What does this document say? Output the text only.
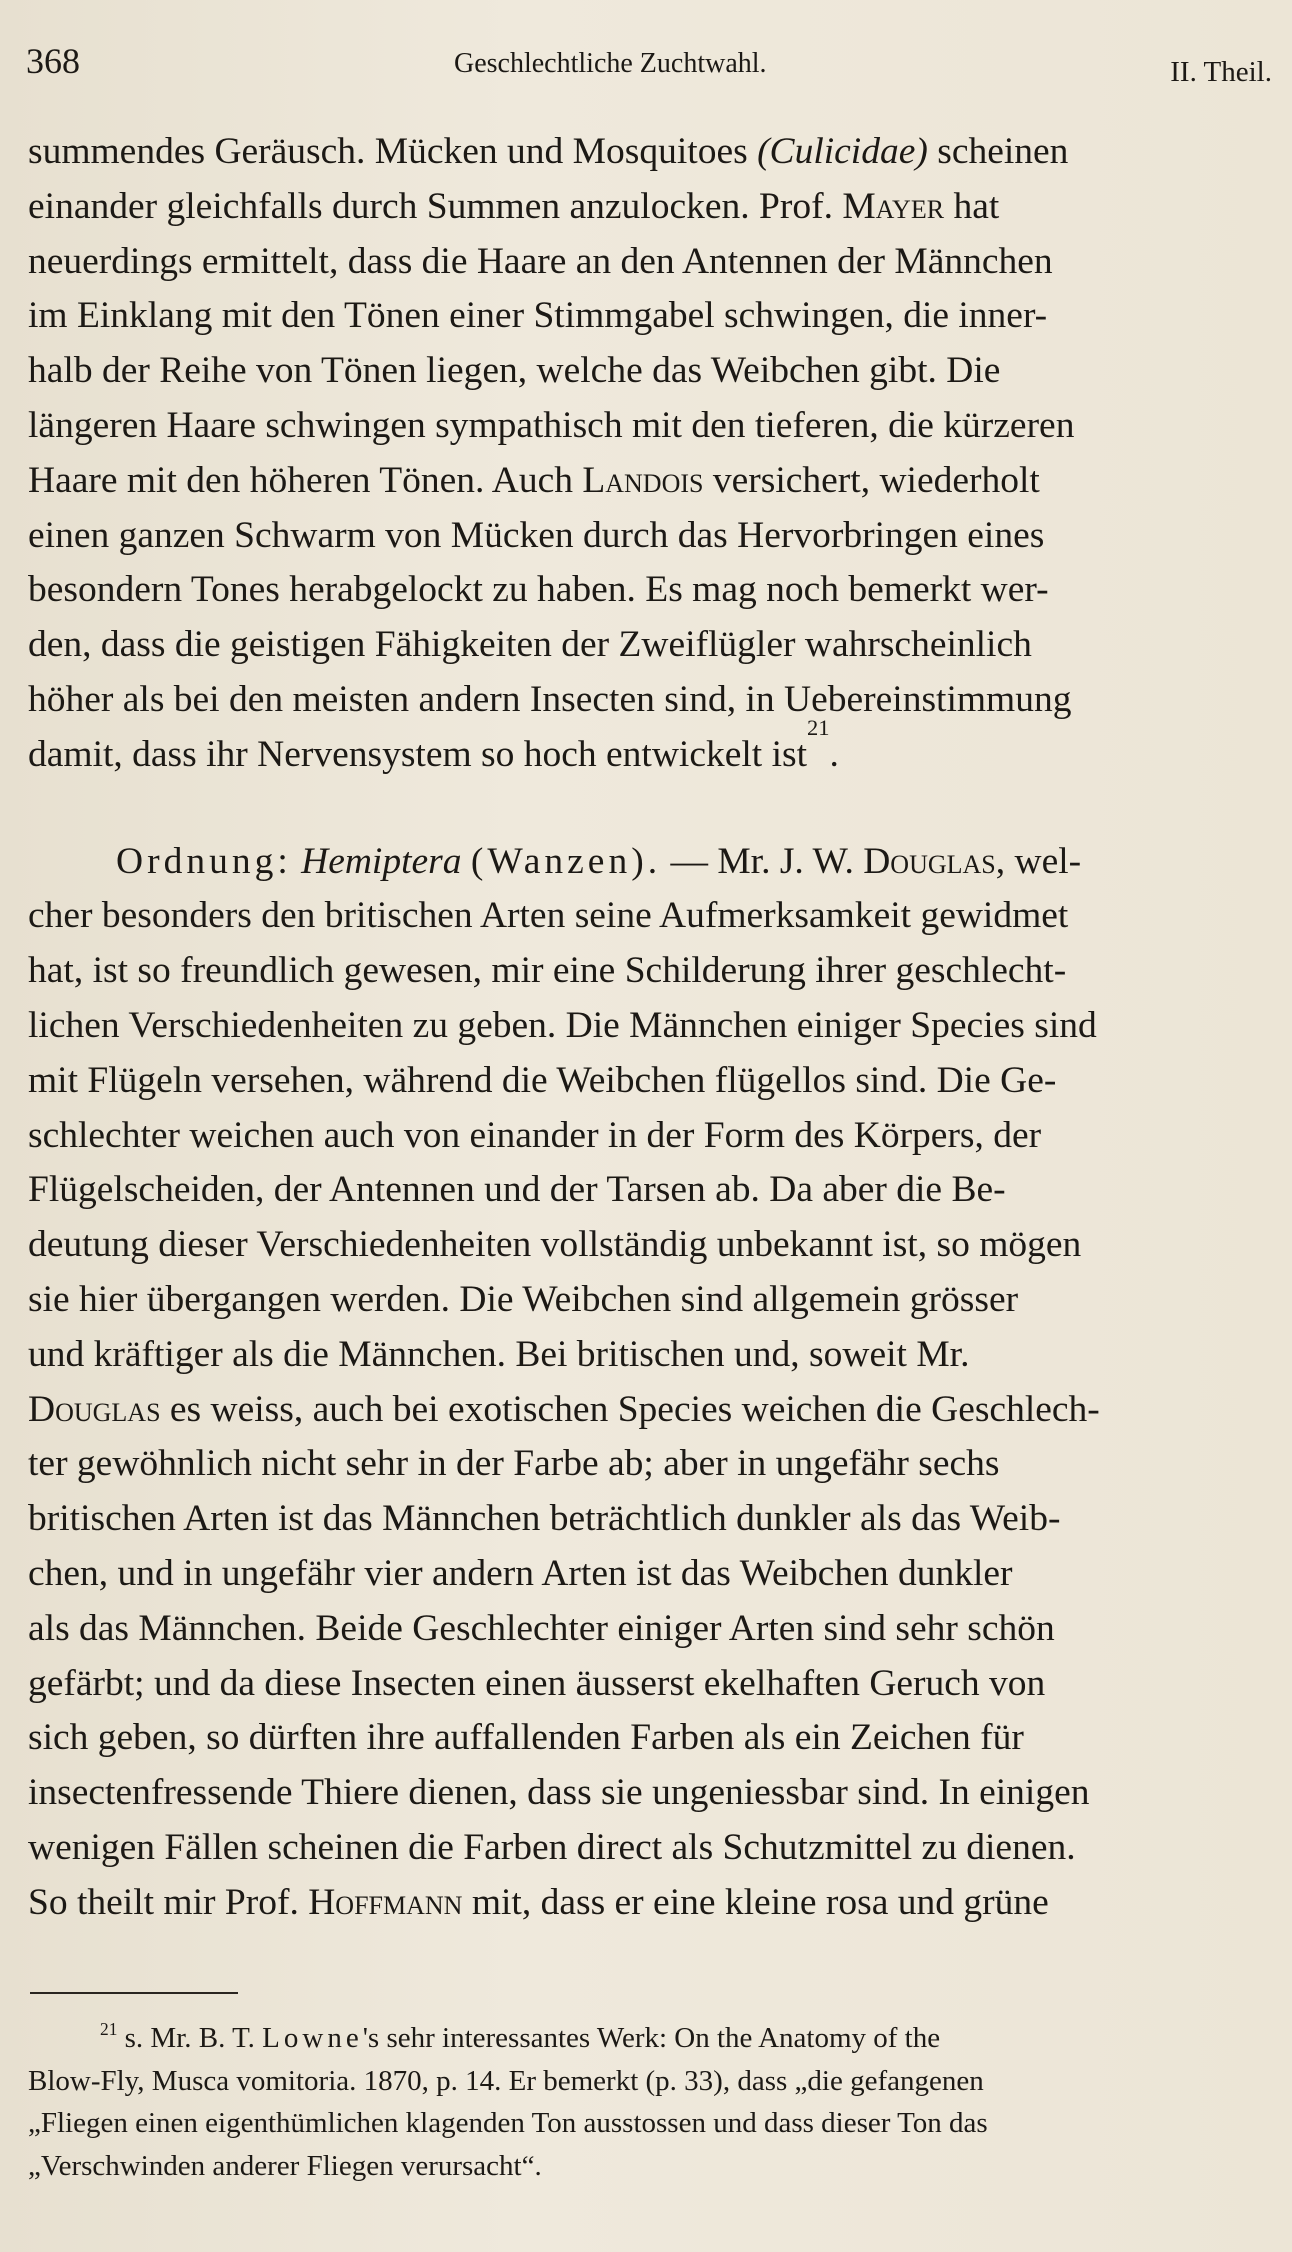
368	Geschlechtliche Zuchtwahl.	II. Theil.
summendes Geräusch. Mücken und Mosquitoes (Culicidae) scheinen
einander gleichfalls durch Summen anzulocken. Prof. Mayer hat
neuerdings ermittelt, dass die Haare an den Antennen der Männchen
im Einklang mit den Tönen einer Stimmgabel schwingen, die inner-
halb der Reihe von Tönen liegen, welche das Weibchen gibt. Die
längeren Haare schwingen sympathisch mit den tieferen, die kürzeren
Haare mit den höheren Tönen. Auch Landois versichert, wiederholt
einen ganzen Schwarm von Mücken durch das Hervorbringen eines
besondern Tones herabgelockt zu haben. Es mag noch bemerkt wer-
den, dass die geistigen Fähigkeiten der Zweiflügler wahrscheinlich
höher als bei den meisten andern Insecten sind, in Uebereinstimmung
damit, dass ihr Nervensystem so hoch entwickelt ist
21
.
Ordnung: Hemiptera (Wanzen). — Mr. J. W. Douglas, wel-
cher besonders den britischen Arten seine Aufmerksamkeit gewidmet
hat, ist so freundlich gewesen, mir eine Schilderung ihrer geschlecht-
lichen Verschiedenheiten zu geben. Die Männchen einiger Species sind
mit Flügeln versehen, während die Weibchen flügellos sind. Die Ge-
schlechter weichen auch von einander in der Form des Körpers, der
Flügelscheiden, der Antennen und der Tarsen ab. Da aber die Be-
deutung dieser Verschiedenheiten vollständig unbekannt ist, so mögen
sie hier übergangen werden. Die Weibchen sind allgemein grösser
und kräftiger als die Männchen. Bei britischen und, soweit Mr.
Douglas es weiss, auch bei exotischen Species weichen die Geschlech-
ter gewöhnlich nicht sehr in der Farbe ab; aber in ungefähr sechs
britischen Arten ist das Männchen beträchtlich dunkler als das Weib-
chen, und in ungefähr vier andern Arten ist das Weibchen dunkler
als das Männchen. Beide Geschlechter einiger Arten sind sehr schön
gefärbt; und da diese Insecten einen äusserst ekelhaften Geruch von
sich geben, so dürften ihre auffallenden Farben als ein Zeichen für
insectenfressende Thiere dienen, dass sie ungeniessbar sind. In einigen
wenigen Fällen scheinen die Farben direct als Schutzmittel zu dienen.
So theilt mir Prof. Hoffmann mit, dass er eine kleine rosa und grüne
$^{21}$ s. Mr. B. T. Lowne's sehr interessantes Werk: On the Anatomy of the
Blow-Fly, Musca vomitoria. 1870, p. 14. Er bemerkt (p. 33), dass „die gefangenen
„Fliegen einen eigenthümlichen klagenden Ton ausstossen und dass dieser Ton das
„Verschwinden anderer Fliegen verursacht“.
